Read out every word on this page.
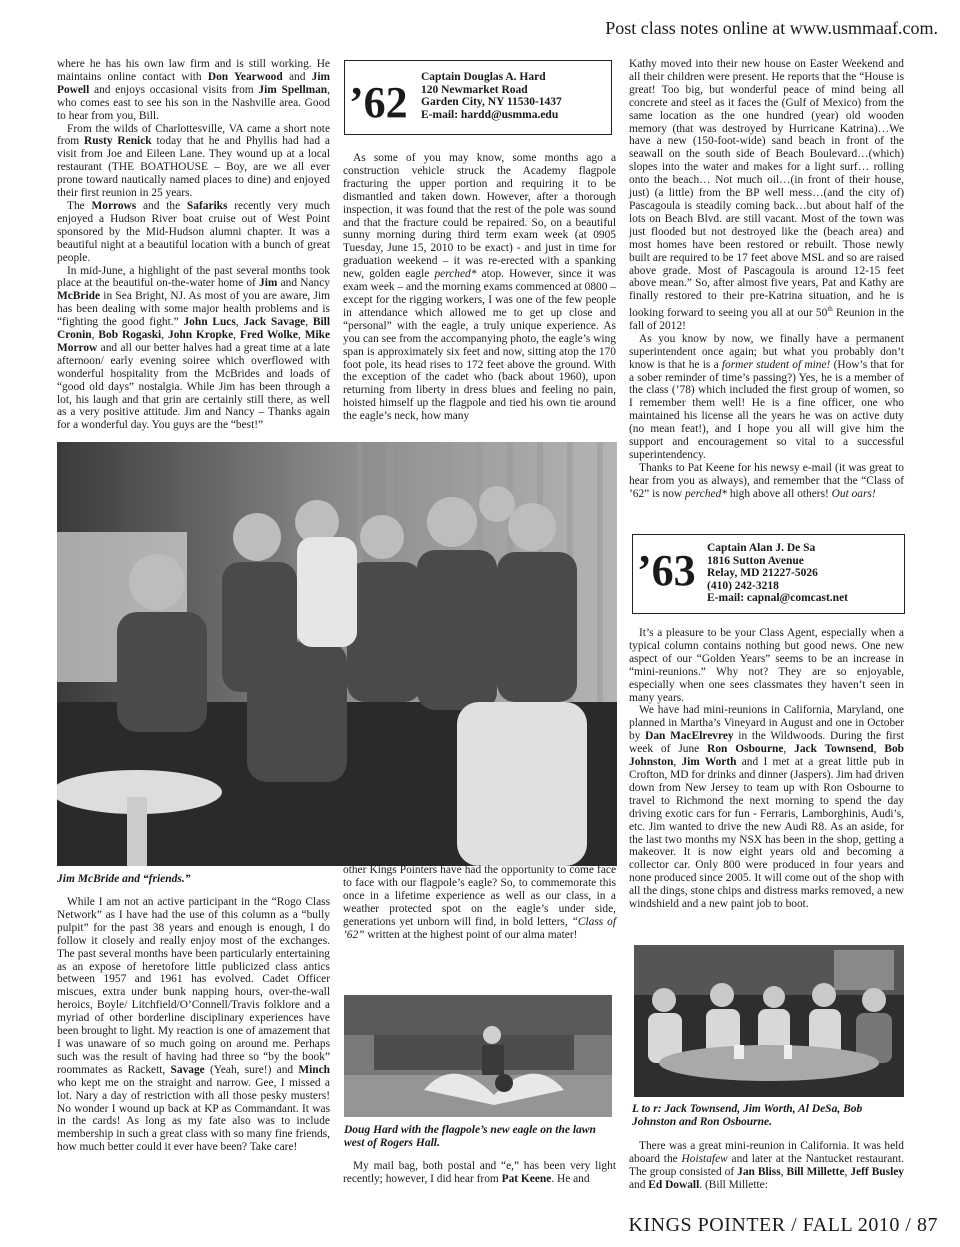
Post class notes online at www.usmmaaf.com.

where he has his own law firm and is still working. He maintains online contact with Don Yearwood and Jim Powell and enjoys occasional visits from Jim Spellman, who comes east to see his son in the Nashville area. Good to hear from you, Bill.

From the wilds of Charlottesville, VA came a short note from Rusty Renick today that he and Phyllis had had a visit from Joe and Eileen Lane. They wound up at a local restaurant (THE BOATHOUSE – Boy, are we all ever prone toward nautically named places to dine) and enjoyed their first reunion in 25 years.

The Morrows and the Safariks recently very much enjoyed a Hudson River boat cruise out of West Point sponsored by the Mid-Hudson alumni chapter. It was a beautiful night at a beautiful location with a bunch of great people.

In mid-June, a highlight of the past several months took place at the beautiful on-the-water home of Jim and Nancy McBride in Sea Bright, NJ. As most of you are aware, Jim has been dealing with some major health problems and is “fighting the good fight.” John Lucs, Jack Savage, Bill Cronin, Bob Rogaski, John Kropke, Fred Wolke, Mike Morrow and all our better halves had a great time at a late afternoon/ early evening soiree which overflowed with wonderful hospitality from the McBrides and loads of “good old days” nostalgia. While Jim has been through a lot, his laugh and that grin are certainly still there, as well as a very positive attitude. Jim and Nancy – Thanks again for a wonderful day. You guys are the “best!”

Jim McBride and “friends.”

While I am not an active participant in the “Rogo Class Network” as I have had the use of this column as a “bully pulpit” for the past 38 years and enough is enough, I do follow it closely and really enjoy most of the exchanges. The past several months have been particularly entertaining as an expose of heretofore little publicized class antics between 1957 and 1961 has evolved. Cadet Officer miscues, extra under bunk napping hours, over-the-wall heroics, Boyle/ Litchfield/O’Connell/Travis folklore and a myriad of other borderline disciplinary experiences have been brought to light. My reaction is one of amazement that I was unaware of so much going on around me. Perhaps such was the result of having had three so “by the book” roommates as Rackett, Savage (Yeah, sure!) and Minch who kept me on the straight and narrow. Gee, I missed a lot. Nary a day of restriction with all those pesky musters! No wonder I wound up back at KP as Commandant. It was in the cards! As long as my fate also was to include membership in such a great class with so many fine friends, how much better could it ever have been? Take care!

’62
Captain Douglas A. Hard
120 Newmarket Road
Garden City, NY 11530-1437
E-mail: hardd@usmma.edu

As some of you may know, some months ago a construction vehicle struck the Academy flagpole fracturing the upper portion and requiring it to be dismantled and taken down. However, after a thorough inspection, it was found that the rest of the pole was sound and that the fracture could be repaired. So, on a beautiful sunny morning during third term exam week (at 0905 Tuesday, June 15, 2010 to be exact) - and just in time for graduation weekend – it was re-erected with a spanking new, golden eagle perched* atop. However, since it was exam week – and the morning exams commenced at 0800 – except for the rigging workers, I was one of the few people in attendance which allowed me to get up close and “personal” with the eagle, a truly unique experience. As you can see from the accompanying photo, the eagle’s wing span is approximately six feet and now, sitting atop the 170 foot pole, its head rises to 172 feet above the ground. With the exception of the cadet who (back about 1960), upon returning from liberty in dress blues and feeling no pain, hoisted himself up the flagpole and tied his own tie around the eagle’s neck, how many

other Kings Pointers have had the opportunity to come face to face with our flagpole’s eagle? So, to commemorate this once in a lifetime experience as well as our class, in a weather protected spot on the eagle’s under side, generations yet unborn will find, in bold letters, “Class of ’62” written at the highest point of our alma mater!

Doug Hard with the flagpole’s new eagle on the lawn west of Rogers Hall.

My mail bag, both postal and “e,” has been very light recently; however, I did hear from Pat Keene. He and

Kathy moved into their new house on Easter Weekend and all their children were present. He reports that the “House is great! Too big, but wonderful peace of mind being all concrete and steel as it faces the (Gulf of Mexico) from the same location as the one hundred (year) old wooden memory (that was destroyed by Hurricane Katrina)…We have a new (150-foot-wide) sand beach in front of the seawall on the south side of Beach Boulevard…(which) slopes into the water and makes for a light surf… rolling onto the beach… Not much oil…(in front of their house, just) (a little) from the BP well mess…(and the city of) Pascagoula is steadily coming back…but about half of the lots on Beach Blvd. are still vacant. Most of the town was just flooded but not destroyed like the (beach area) and most homes have been restored or rebuilt. Those newly built are required to be 17 feet above MSL and so are raised above grade. Most of Pascagoula is around 12-15 feet above mean.” So, after almost five years, Pat and Kathy are finally restored to their pre-Katrina situation, and he is looking forward to seeing you all at our 50th Reunion in the fall of 2012!

As you know by now, we finally have a permanent superintendent once again; but what you probably don’t know is that he is a former student of mine! (How’s that for a sober reminder of time’s passing?) Yes, he is a member of the class (’78) which included the first group of women, so I remember them well! He is a fine officer, one who maintained his license all the years he was on active duty (no mean feat!), and I hope you all will give him the support and encouragement so vital to a successful superintendency.

Thanks to Pat Keene for his newsy e-mail (it was great to hear from you as always), and remember that the “Class of ’62” is now perched* high above all others! Out oars!

’63 Captain Alan J. De Sa
1816 Sutton Avenue
Relay, MD 21227-5026
(410) 242-3218
E-mail: capnal@comcast.net

It’s a pleasure to be your Class Agent, especially when a typical column contains nothing but good news. One new aspect of our “Golden Years” seems to be an increase in “mini-reunions.” Why not? They are so enjoyable, especially when one sees classmates they haven’t seen in many years.

We have had mini-reunions in California, Maryland, one planned in Martha’s Vineyard in August and one in October by Dan MacElrevrey in the Wildwoods. During the first week of June Ron Osbourne, Jack Townsend, Bob Johnston, Jim Worth and I met at a great little pub in Crofton, MD for drinks and dinner (Jaspers). Jim had driven down from New Jersey to team up with Ron Osbourne to travel to Richmond the next morning to spend the day driving exotic cars for fun - Ferraris, Lamborghinis, Audi’s, etc. Jim wanted to drive the new Audi R8. As an aside, for the last two months my NSX has been in the shop, getting a makeover. It is now eight years old and becoming a collector car. Only 800 were produced in four years and none produced since 2005. It will come out of the shop with all the dings, stone chips and distress marks removed, a new windshield and a new paint job to boot.

L to r: Jack Townsend, Jim Worth, Al DeSa, Bob Johnston and Ron Osbourne.

There was a great mini-reunion in California. It was held aboard the Hoistafew and later at the Nantucket restaurant. The group consisted of Jan Bliss, Bill Millette, Jeff Busley and Ed Dowall. (Bill Millette:

KINGS POINTER / FALL 2010 / 87
